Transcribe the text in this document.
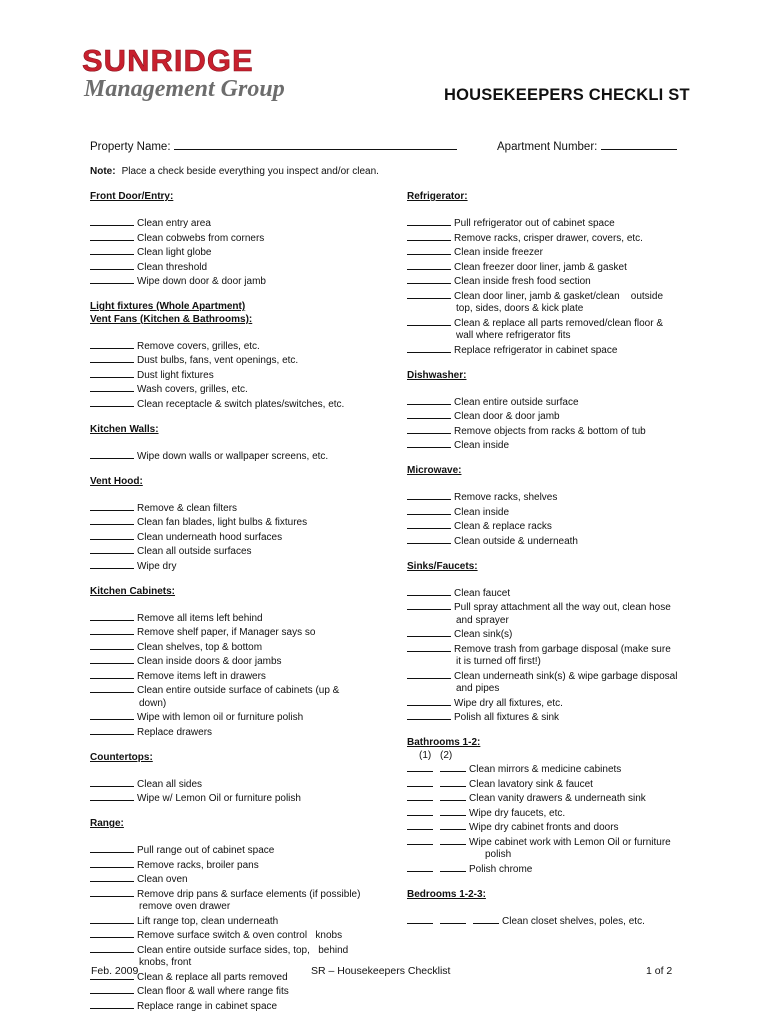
SUNRIDGE
Management Group	HOUSEKEEPERS CHECKLI ST
Property Name:	Apartment Number:
Note: Place a check beside everything you inspect and/or clean.
Front Door/Entry:
Clean entry area
Clean cobwebs from corners
Clean light globe
Clean threshold
Wipe down door & door jamb
Light fixtures (Whole Apartment)
Vent Fans (Kitchen & Bathrooms):
Remove covers, grilles, etc.
Dust bulbs, fans, vent openings, etc.
Dust light fixtures
Wash covers, grilles, etc.
Clean receptacle & switch plates/switches, etc.
Kitchen Walls:
Wipe down walls or wallpaper screens, etc.
Vent Hood:
Remove & clean filters
Clean fan blades, light bulbs & fixtures
Clean underneath hood surfaces
Clean all outside surfaces
Wipe dry
Kitchen Cabinets:
Remove all items left behind
Remove shelf paper, if Manager says so
Clean shelves, top & bottom
Clean inside doors & door jambs
Remove items left in drawers
Clean entire outside surface of cabinets (up &
down)
Wipe with lemon oil or furniture polish
Replace drawers
Countertops:
Clean all sides
Wipe w/ Lemon Oil or furniture polish
Range:
Pull range out of cabinet space
Remove racks, broiler pans
Clean oven
Remove drip pans & surface elements (if possible)
remove oven drawer
Lift range top, clean underneath
Remove surface switch & oven control   knobs
Clean entire outside surface sides, top,   behind
knobs, front
Clean & replace all parts removed
Clean floor & wall where range fits
Replace range in cabinet space
Refrigerator:
Pull refrigerator out of cabinet space
Remove racks, crisper drawer, covers, etc.
Clean inside freezer
Clean freezer door liner, jamb & gasket
Clean inside fresh food section
Clean door liner, jamb & gasket/clean    outside
top, sides, doors & kick plate
Clean & replace all parts removed/clean floor &
wall where refrigerator fits
Replace refrigerator in cabinet space
Dishwasher:
Clean entire outside surface
Clean door & door jamb
Remove objects from racks & bottom of tub
Clean inside
Microwave:
Remove racks, shelves
Clean inside
Clean & replace racks
Clean outside & underneath
Sinks/Faucets:
Clean faucet
Pull spray attachment all the way out, clean hose
and sprayer
Clean sink(s)
Remove trash from garbage disposal (make sure
it is turned off first!)
Clean underneath sink(s) & wipe garbage disposal
and pipes
Wipe dry all fixtures, etc.
Polish all fixtures & sink
Bathrooms 1-2:
(1) (2)
Clean mirrors & medicine cabinets
Clean lavatory sink & faucet
Clean vanity drawers & underneath sink
Wipe dry faucets, etc.
Wipe dry cabinet fronts and doors
Wipe cabinet work with Lemon Oil or furniture
polish
Polish chrome
Bedrooms 1-2-3:
Clean closet shelves, poles, etc.
Feb. 2009	SR – Housekeepers Checklist	1 of 2
